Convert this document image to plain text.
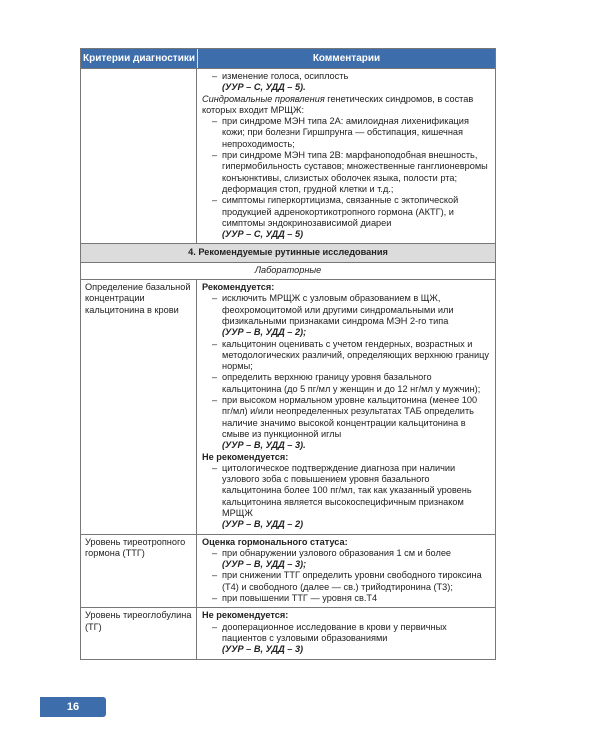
Критерии диагностики	Комментарии
– изменение голоса, осиплость
(УУР – С, УДД – 5).
Синдромальные проявления генетических синдромов, в состав которых входит МРЩЖ:
– при синдроме МЭН типа 2А: амилоидная лихенификация кожи; при болезни Гиршпрунга — обстипация, кишечная непроходимость;
– при синдроме МЭН типа 2В: марфаноподобная внешность, гипермобильность суставов; множественные ганглионевромы конъюнктивы, слизистых оболочек языка, полости рта; деформация стоп, грудной клетки и т.д.;
– симптомы гиперкортицизма, связанные с эктопической продукцией адренокортикотропного гормона (АКТГ), и симптомы эндокринозависимой диареи
(УУР – С, УДД – 5)
4. Рекомендуемые рутинные исследования
Лабораторные
Определение базальной концентрации кальцитонина в крови
Рекомендуется:
– исключить МРЩЖ с узловым образованием в ЩЖ, феохромоцитомой или другими синдромальными или физикальными признаками синдрома МЭН 2-го типа
(УУР – В, УДД – 2);
– кальцитонин оценивать с учетом гендерных, возрастных и методологических различий, определяющих верхнюю границу нормы;
– определить верхнюю границу уровня базального кальцитонина (до 5 пг/мл у женщин и до 12 нг/мл у мужчин);
– при высоком нормальном уровне кальцитонина (менее 100 пг/мл) и/или неопределенных результатах ТАБ определить наличие значимо высокой концентрации кальцитонина в смыве из пункционной иглы
(УУР – В, УДД – 3).
Не рекомендуется:
– цитологическое подтверждение диагноза при наличии узлового зоба с повышением уровня базального кальцитонина более 100 пг/мл, так как указанный уровень кальцитонина является высокоспецифичным признаком МРЩЖ
(УУР – В, УДД – 2)
Уровень тиреотропного гормона (ТТГ)
Оценка гормонального статуса:
– при обнаружении узлового образования 1 см и более
(УУР – В, УДД – 3);
– при снижении ТТГ определить уровни свободного тироксина (Т4) и свободного (далее — св.) трийодтиронина (Т3);
– при повышении ТТГ — уровня св.Т4
Уровень тиреоглобулина (ТГ)
Не рекомендуется:
– дооперационное исследование в крови у первичных пациентов с узловыми образованиями
(УУР – В, УДД – 3)
16
